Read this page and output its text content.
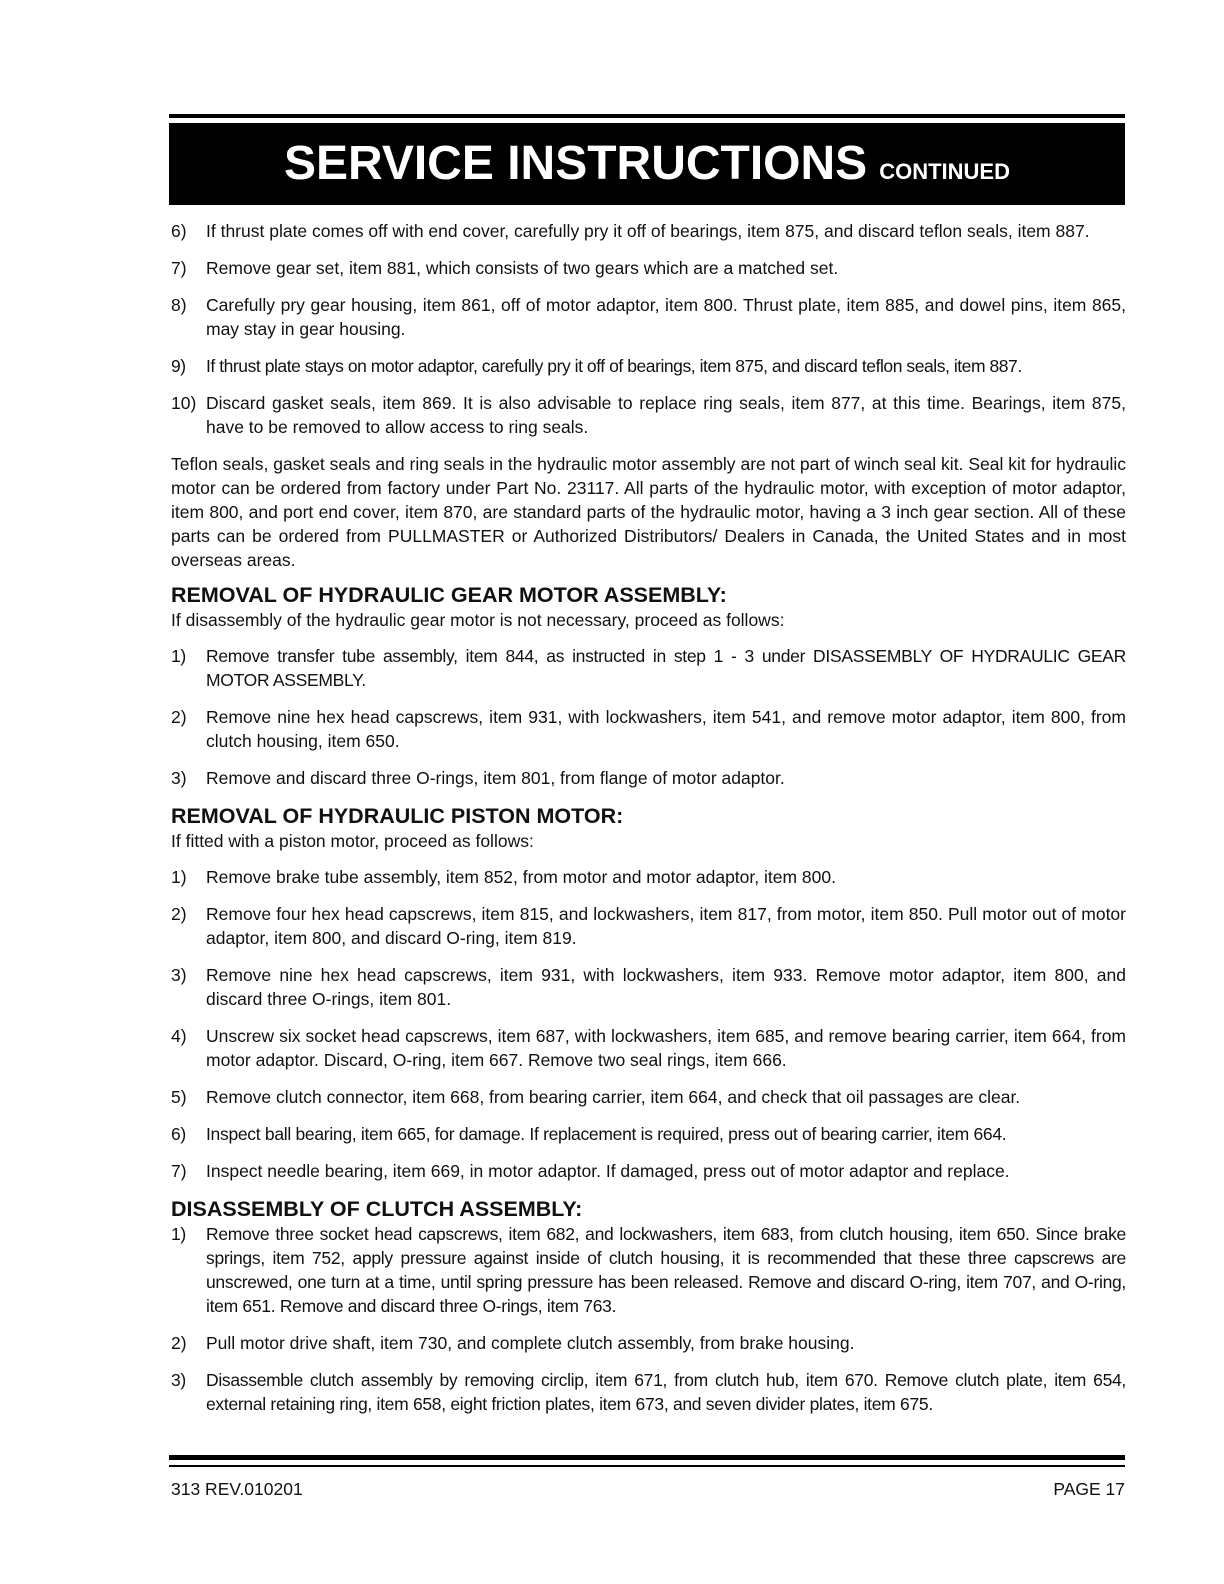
SERVICE INSTRUCTIONS CONTINUED
6) If thrust plate comes off with end cover, carefully pry it off of bearings, item 875, and discard teflon seals, item 887.
7) Remove gear set, item 881, which consists of two gears which are a matched set.
8) Carefully pry gear housing, item 861, off of motor adaptor, item 800. Thrust plate, item 885, and dowel pins, item 865, may stay in gear housing.
9) If thrust plate stays on motor adaptor, carefully pry it off of bearings, item 875, and discard teflon seals, item 887.
10) Discard gasket seals, item 869. It is also advisable to replace ring seals, item 877, at this time. Bearings, item 875, have to be removed to allow access to ring seals.
Teflon seals, gasket seals and ring seals in the hydraulic motor assembly are not part of winch seal kit. Seal kit for hydraulic motor can be ordered from factory under Part No. 23117. All parts of the hydraulic motor, with exception of motor adaptor, item 800, and port end cover, item 870, are standard parts of the hydraulic motor, having a 3 inch gear section. All of these parts can be ordered from PULLMASTER or Authorized Distributors/ Dealers in Canada, the United States and in most overseas areas.
REMOVAL OF HYDRAULIC GEAR MOTOR ASSEMBLY:
If disassembly of the hydraulic gear motor is not necessary, proceed as follows:
1) Remove transfer tube assembly, item 844, as instructed in step 1 - 3 under DISASSEMBLY OF HYDRAULIC GEAR MOTOR ASSEMBLY.
2) Remove nine hex head capscrews, item 931, with lockwashers, item 541, and remove motor adaptor, item 800, from clutch housing, item 650.
3) Remove and discard three O-rings, item 801, from flange of motor adaptor.
REMOVAL OF HYDRAULIC PISTON MOTOR:
If fitted with a piston motor, proceed as follows:
1) Remove brake tube assembly, item 852, from motor and motor adaptor, item 800.
2) Remove four hex head capscrews, item 815, and lockwashers, item 817, from motor, item 850. Pull motor out of motor adaptor, item 800, and discard O-ring, item 819.
3) Remove nine hex head capscrews, item 931, with lockwashers, item 933. Remove motor adaptor, item 800, and discard three O-rings, item 801.
4) Unscrew six socket head capscrews, item 687, with lockwashers, item 685, and remove bearing carrier, item 664, from motor adaptor. Discard, O-ring, item 667. Remove two seal rings, item 666.
5) Remove clutch connector, item 668, from bearing carrier, item 664, and check that oil passages are clear.
6) Inspect ball bearing, item 665, for damage. If replacement is required, press out of bearing carrier, item 664.
7) Inspect needle bearing, item 669, in motor adaptor. If damaged, press out of motor adaptor and replace.
DISASSEMBLY OF CLUTCH ASSEMBLY:
1) Remove three socket head capscrews, item 682, and lockwashers, item 683, from clutch housing, item 650. Since brake springs, item 752, apply pressure against inside of clutch housing, it is recommended that these three capscrews are unscrewed, one turn at a time, until spring pressure has been released. Remove and discard O-ring, item 707, and O-ring, item 651. Remove and discard three O-rings, item 763.
2) Pull motor drive shaft, item 730, and complete clutch assembly, from brake housing.
3) Disassemble clutch assembly by removing circlip, item 671, from clutch hub, item 670. Remove clutch plate, item 654, external retaining ring, item 658, eight friction plates, item 673, and seven divider plates, item 675.
313 REV.010201	PAGE 17
